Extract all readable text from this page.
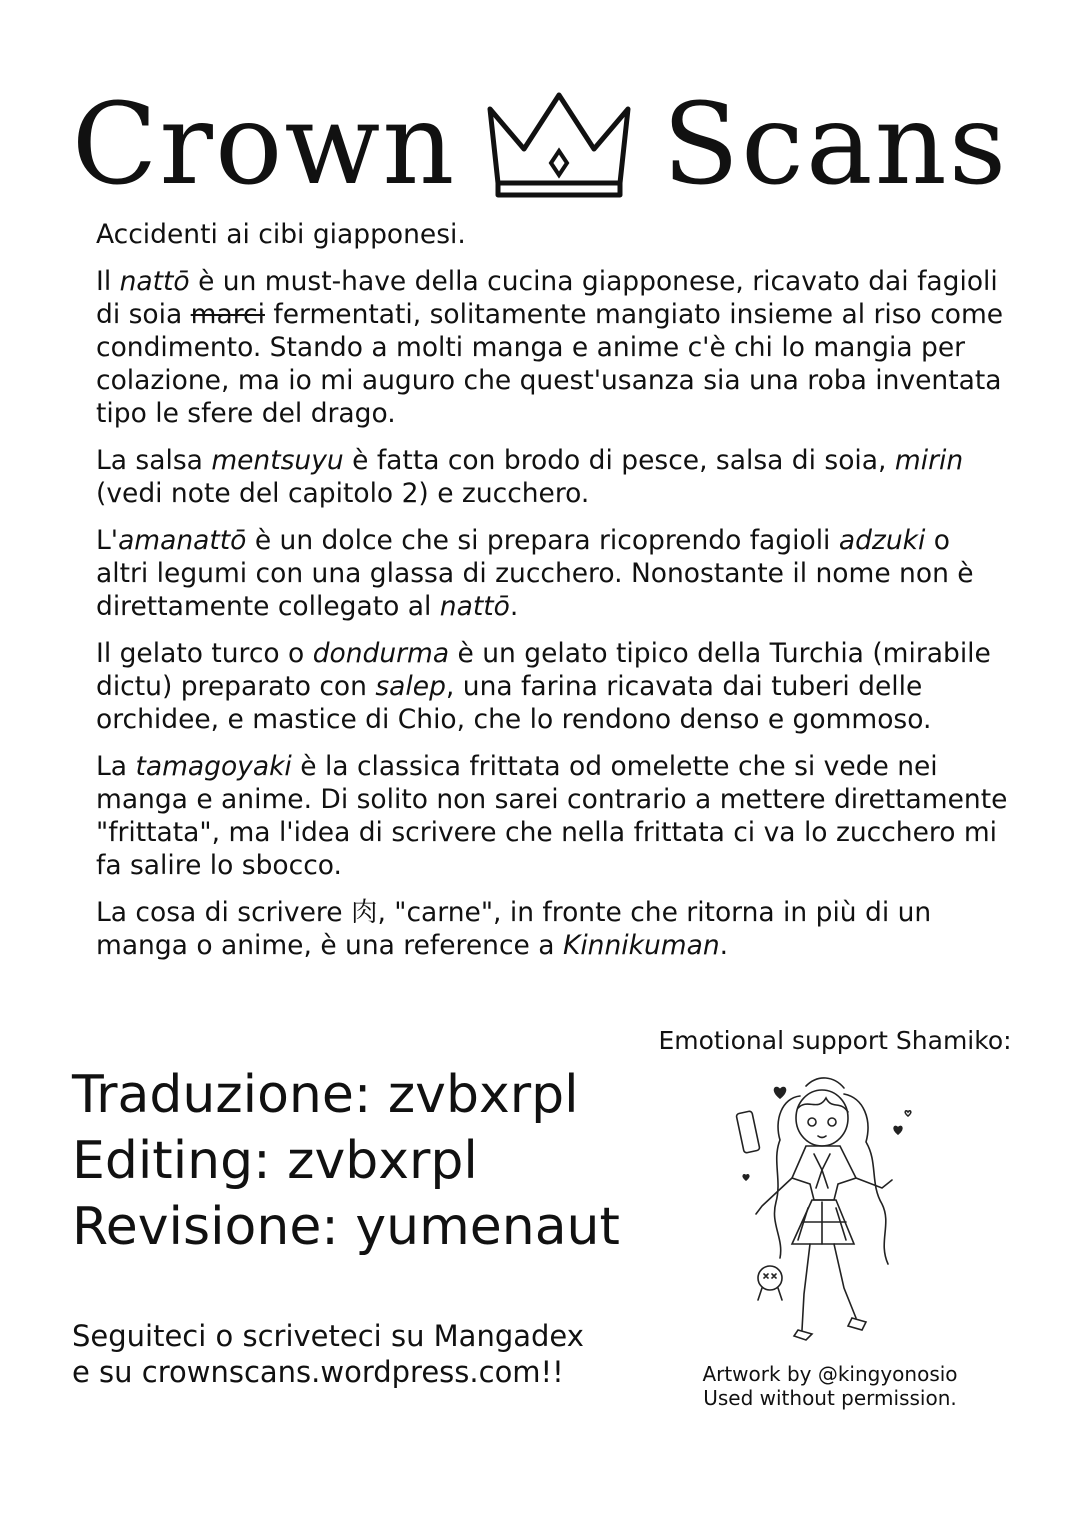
Crown Scans

Accidenti ai cibi giapponesi.

Il nattō è un must-have della cucina giapponese, ricavato dai fagioli di soia marci fermentati, solitamente mangiato insieme al riso come condimento. Stando a molti manga e anime c'è chi lo mangia per colazione, ma io mi auguro che quest'usanza sia una roba inventata tipo le sfere del drago.

La salsa mentsuyu è fatta con brodo di pesce, salsa di soia, mirin (vedi note del capitolo 2) e zucchero.

L'amanattō è un dolce che si prepara ricoprendo fagioli adzuki o altri legumi con una glassa di zucchero. Nonostante il nome non è direttamente collegato al nattō.

Il gelato turco o dondurma è un gelato tipico della Turchia (mirabile dictu) preparato con salep, una farina ricavata dai tuberi delle orchidee, e mastice di Chio, che lo rendono denso e gommoso.

La tamagoyaki è la classica frittata od omelette che si vede nei manga e anime. Di solito non sarei contrario a mettere direttamente "frittata", ma l'idea di scrivere che nella frittata ci va lo zucchero mi fa salire lo sbocco.

La cosa di scrivere 肉, "carne", in fronte che ritorna in più di un manga o anime, è una reference a Kinnikuman.

Traduzione: zvbxrpl
Editing: zvbxrpl
Revisione: yumenaut
Seguiteci o scriveteci su Mangadex
e su crownscans.wordpress.com!!
Emotional support Shamiko:
Artwork by @kingyonosio
Used without permission.
